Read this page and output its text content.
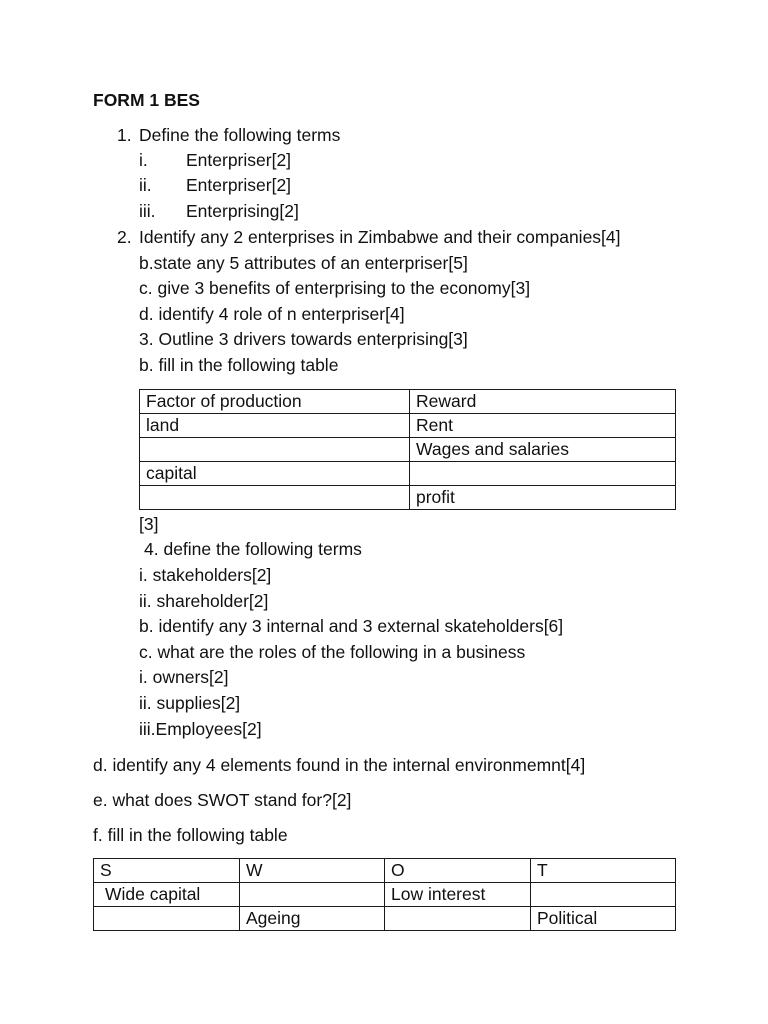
FORM 1 BES
1. Define the following terms
i. Enterpriser[2]
ii. Enterpriser[2]
iii. Enterprising[2]
2. Identify any 2 enterprises in Zimbabwe and their companies[4]
b.state any 5 attributes of an enterpriser[5]
c. give 3 benefits of enterprising to the economy[3]
d. identify 4 role of n enterpriser[4]
3. Outline 3 drivers towards enterprising[3]
b. fill in the following table
Factor of production	Reward
land	Rent
	Wages and salaries
capital	
	profit
[3]
4. define the following terms
i. stakeholders[2]
ii. shareholder[2]
b. identify any 3 internal and 3 external skateholders[6]
c. what are the roles of the following in a business
i. owners[2]
ii. supplies[2]
iii.Employees[2]
d. identify any 4 elements found in the internal environmemnt[4]
e. what does SWOT stand for?[2]
f. fill in the following table
S	W	O	T
Wide capital		Low interest	
	Ageing		Political
